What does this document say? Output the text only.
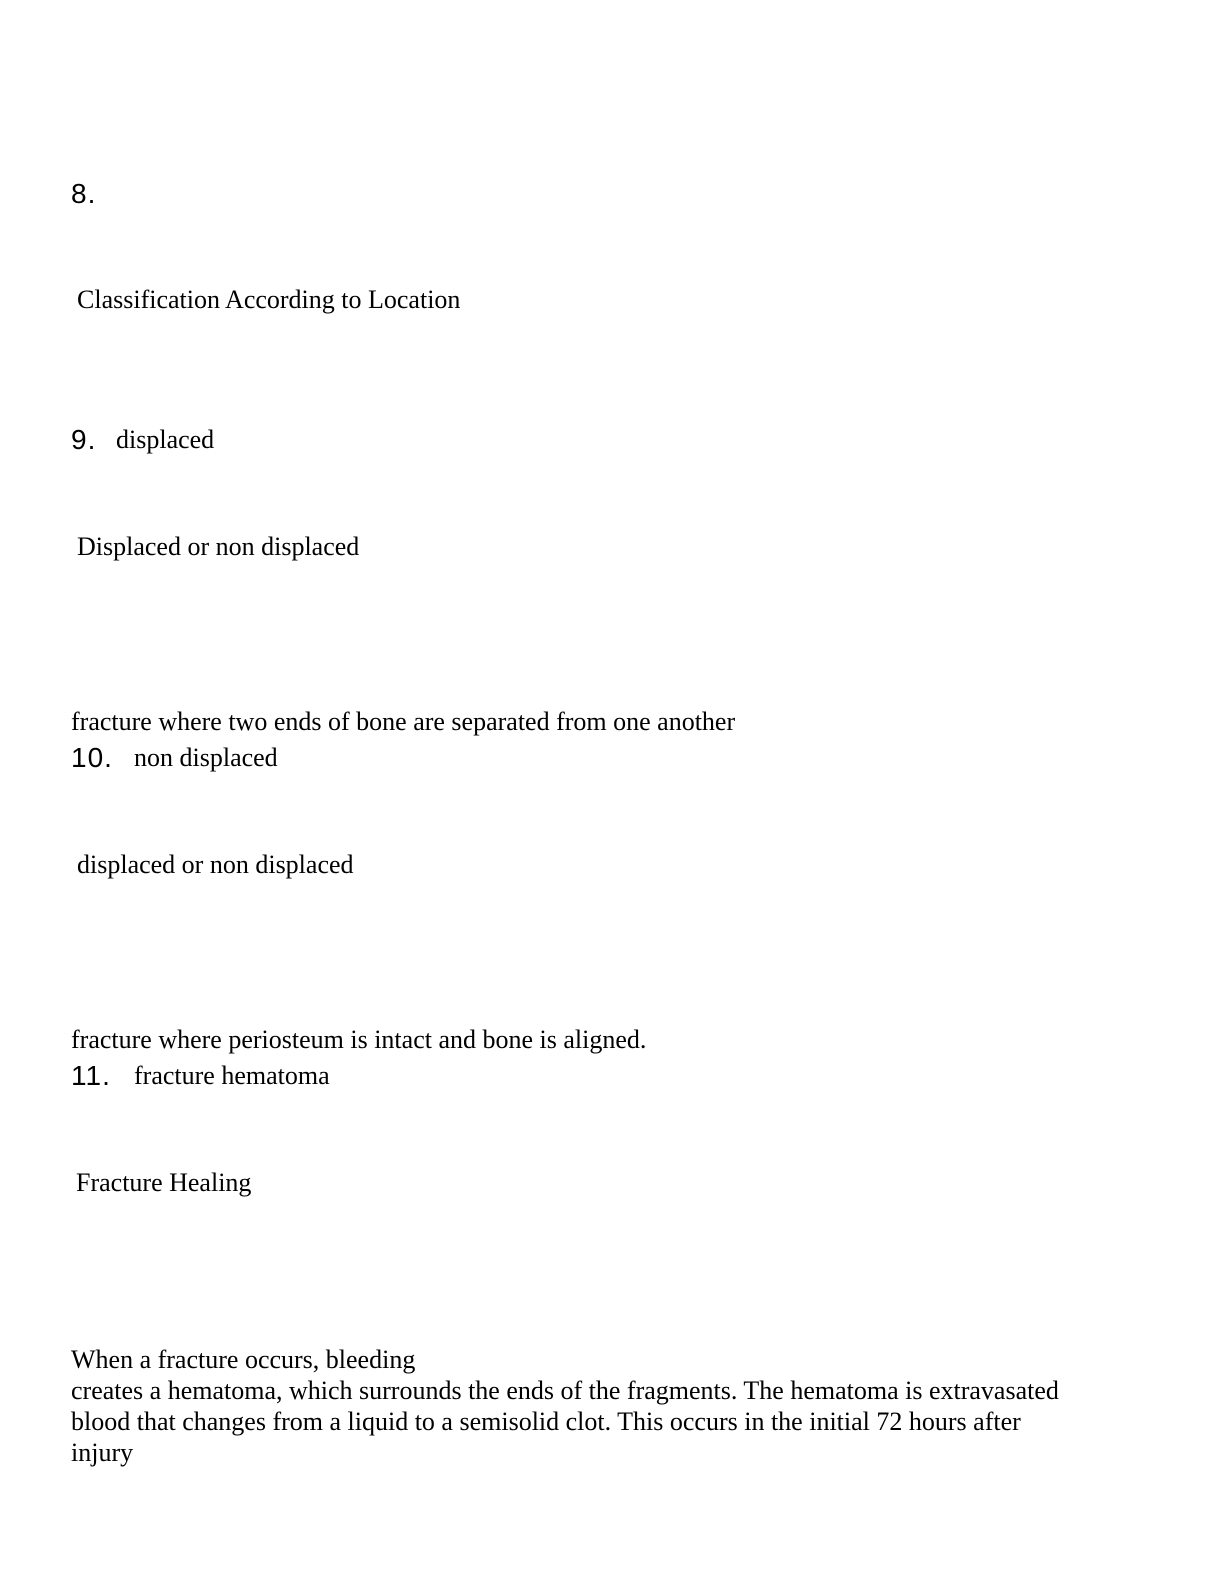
8.
Classification According to Location
9. displaced
Displaced or non displaced
fracture where two ends of bone are separated from one another
10. non displaced
displaced or non displaced
fracture where periosteum is intact and bone is aligned.
11. fracture hematoma
Fracture Healing
When a fracture occurs, bleeding
creates a hematoma, which surrounds the ends of the fragments. The hematoma is extravasated
blood that changes from a liquid to a semisolid clot. This occurs in the initial 72 hours after
injury
